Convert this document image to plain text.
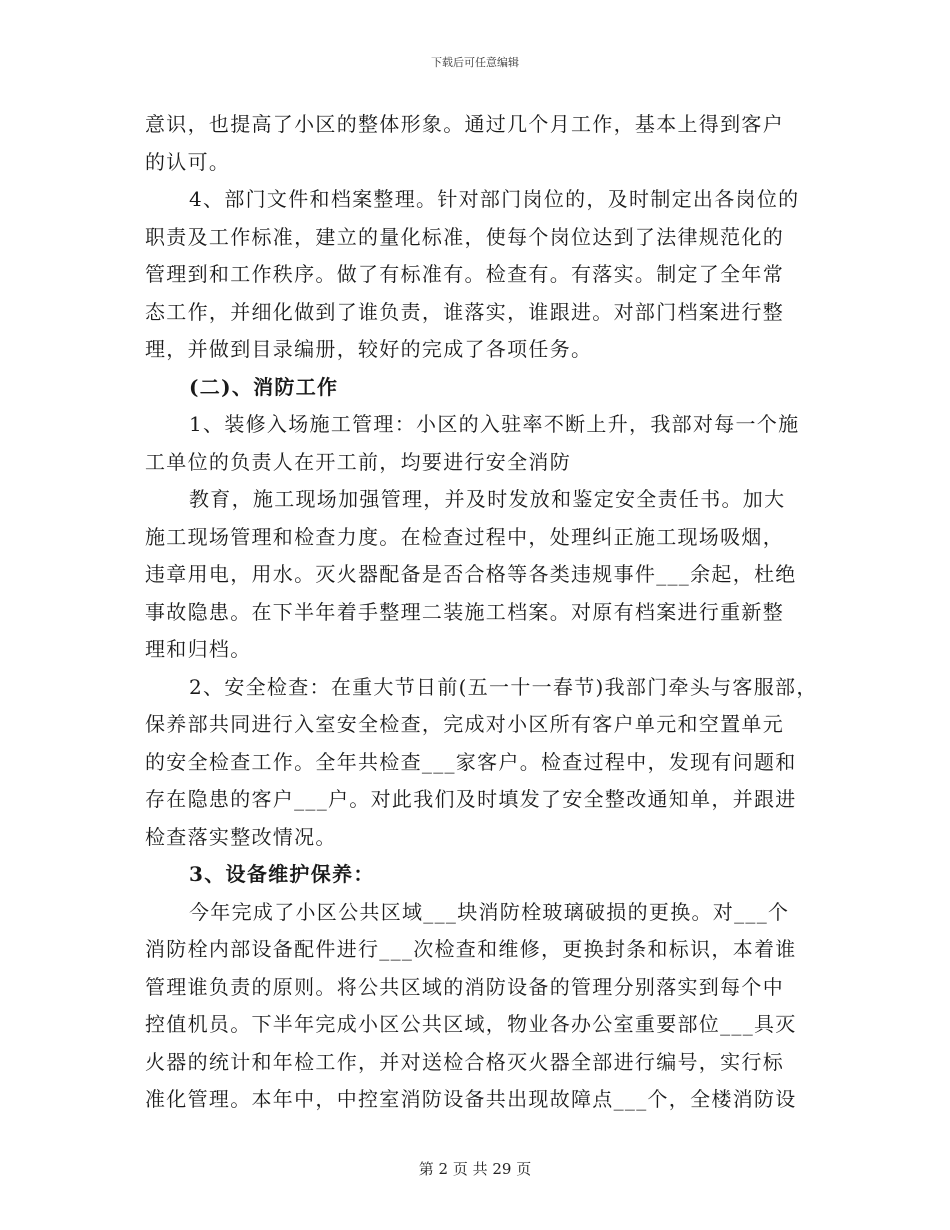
下载后可任意编辑
意识，也提高了小区的整体形象。通过几个月工作，基本上得到客户
的认可。
4、部门文件和档案整理。针对部门岗位的，及时制定出各岗位的
职责及工作标准，建立的量化标准，使每个岗位达到了法律规范化的
管理到和工作秩序。做了有标准有。检查有。有落实。制定了全年常
态工作，并细化做到了谁负责，谁落实，谁跟进。对部门档案进行整
理，并做到目录编册，较好的完成了各项任务。
(二)、消防工作
1、装修入场施工管理：小区的入驻率不断上升，我部对每一个施
工单位的负责人在开工前，均要进行安全消防
教育，施工现场加强管理，并及时发放和鉴定安全责任书。加大
施工现场管理和检查力度。在检查过程中，处理纠正施工现场吸烟，
违章用电，用水。灭火器配备是否合格等各类违规事件___余起，杜绝
事故隐患。在下半年着手整理二装施工档案。对原有档案进行重新整
理和归档。
2、安全检查：在重大节日前(五一十一春节)我部门牵头与客服部，
保养部共同进行入室安全检查，完成对小区所有客户单元和空置单元
的安全检查工作。全年共检查___家客户。检查过程中，发现有问题和
存在隐患的客户___户。对此我们及时填发了安全整改通知单，并跟进
检查落实整改情况。
3、设备维护保养：
今年完成了小区公共区域___块消防栓玻璃破损的更换。对___个
消防栓内部设备配件进行___次检查和维修，更换封条和标识，本着谁
管理谁负责的原则。将公共区域的消防设备的管理分别落实到每个中
控值机员。下半年完成小区公共区域，物业各办公室重要部位___具灭
火器的统计和年检工作，并对送检合格灭火器全部进行编号，实行标
准化管理。本年中，中控室消防设备共出现故障点___个，全楼消防设
第 2 页 共 29 页
